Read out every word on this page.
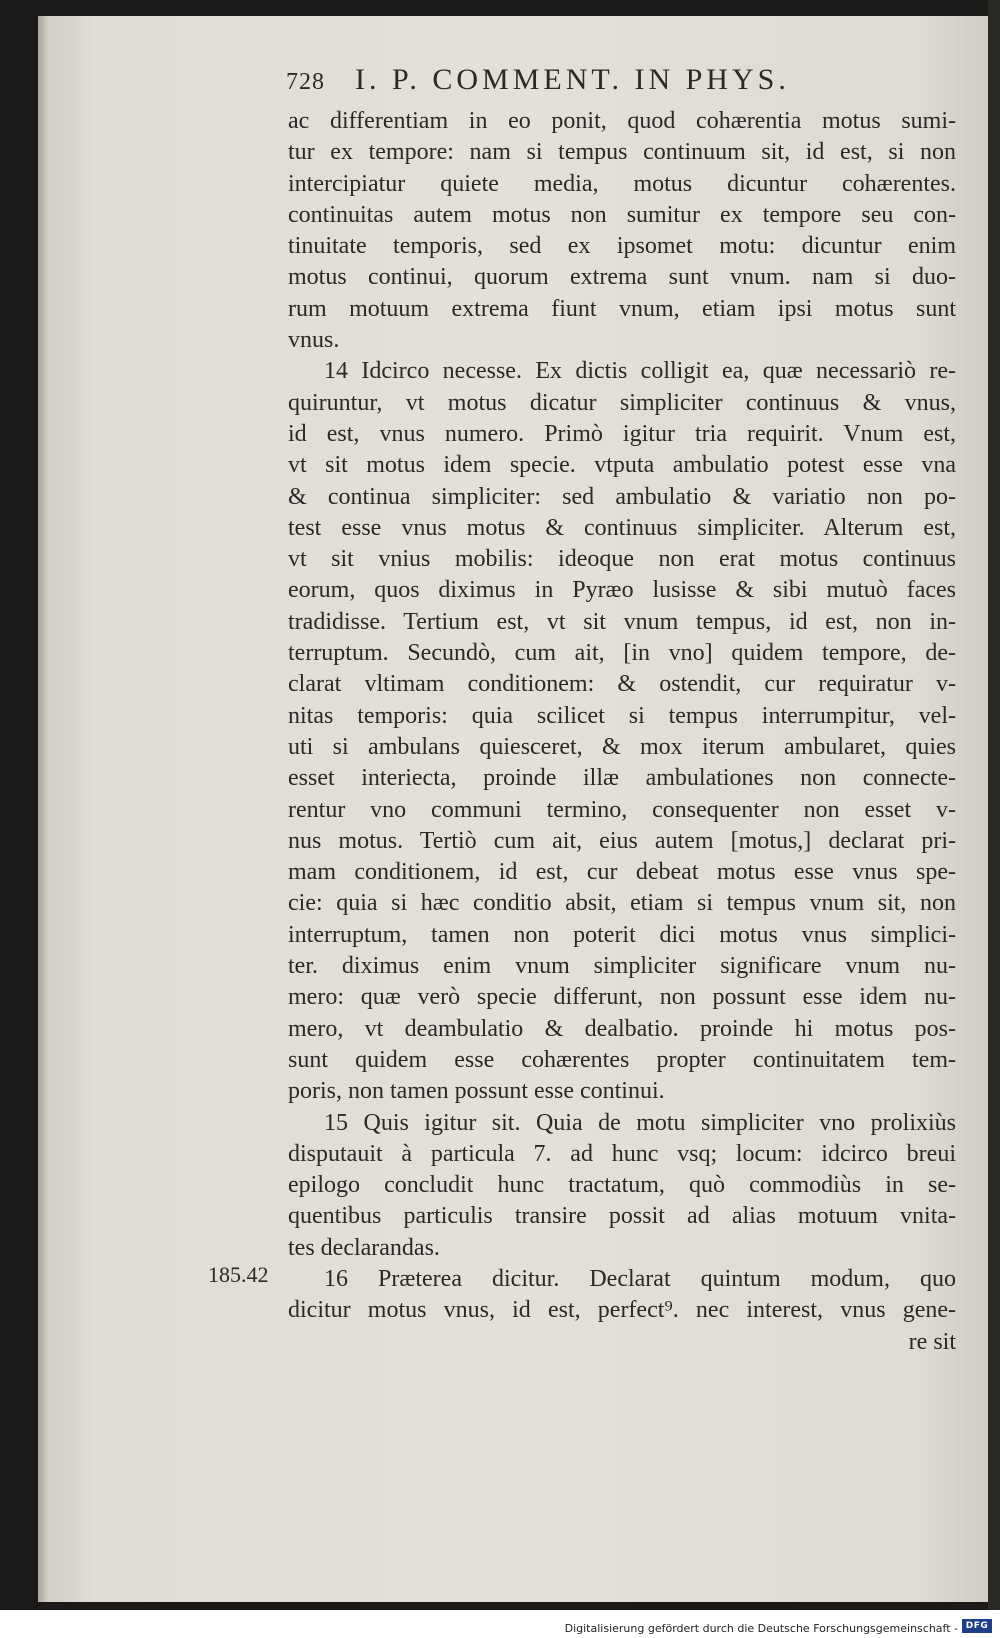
728 I. P. COMMENT. IN PHYS.
ac differentiam in eo ponit, quod cohærentia motus sumi-
tur ex tempore: nam si tempus continuum sit, id est, si non
intercipiatur quiete media, motus dicuntur cohærentes.
continuitas autem motus non sumitur ex tempore seu con-
tinuitate temporis, sed ex ipsomet motu: dicuntur enim
motus continui, quorum extrema sunt vnum. nam si duo-
rum motuum extrema fiunt vnum, etiam ipsi motus sunt
vnus.
14 Idcirco necesse. Ex dictis colligit ea, quæ necessariò re-
quiruntur, vt motus dicatur simpliciter continuus & vnus,
id est, vnus numero. Primò igitur tria requirit. Vnum est,
vt sit motus idem specie. vtputa ambulatio potest esse vna
& continua simpliciter: sed ambulatio & variatio non po-
test esse vnus motus & continuus simpliciter. Alterum est,
vt sit vnius mobilis: ideoque non erat motus continuus
eorum, quos diximus in Pyræo lusisse & sibi mutuò faces
tradidisse. Tertium est, vt sit vnum tempus, id est, non in-
terruptum. Secundò, cum ait, [in vno] quidem tempore, de-
clarat vltimam conditionem: & ostendit, cur requiratur v-
nitas temporis: quia scilicet si tempus interrumpitur, vel-
uti si ambulans quiesceret, & mox iterum ambularet, quies
esset interiecta, proinde illæ ambulationes non connecte-
rentur vno communi termino, consequenter non esset v-
nus motus. Tertiò cum ait, eius autem [motus,] declarat pri-
mam conditionem, id est, cur debeat motus esse vnus spe-
cie: quia si hæc conditio absit, etiam si tempus vnum sit, non
interruptum, tamen non poterit dici motus vnus simplici-
ter. diximus enim vnum simpliciter significare vnum nu-
mero: quæ verò specie differunt, non possunt esse idem nu-
mero, vt deambulatio & dealbatio. proinde hi motus pos-
sunt quidem esse cohærentes propter continuitatem tem-
poris, non tamen possunt esse continui.
15 Quis igitur sit. Quia de motu simpliciter vno prolixiùs
disputauit à particula 7. ad hunc vsq; locum: idcirco breui
epilogo concludit hunc tractatum, quò commodiùs in se-
quentibus particulis transire possit ad alias motuum vnita-
tes declarandas.
16 Præterea dicitur. Declarat quintum modum, quo
dicitur motus vnus, id est, perfect⁹. nec interest, vnus gene-
re sit
185.42
Digitalisierung gefördert durch die Deutsche Forschungsgemeinschaft - DFG
